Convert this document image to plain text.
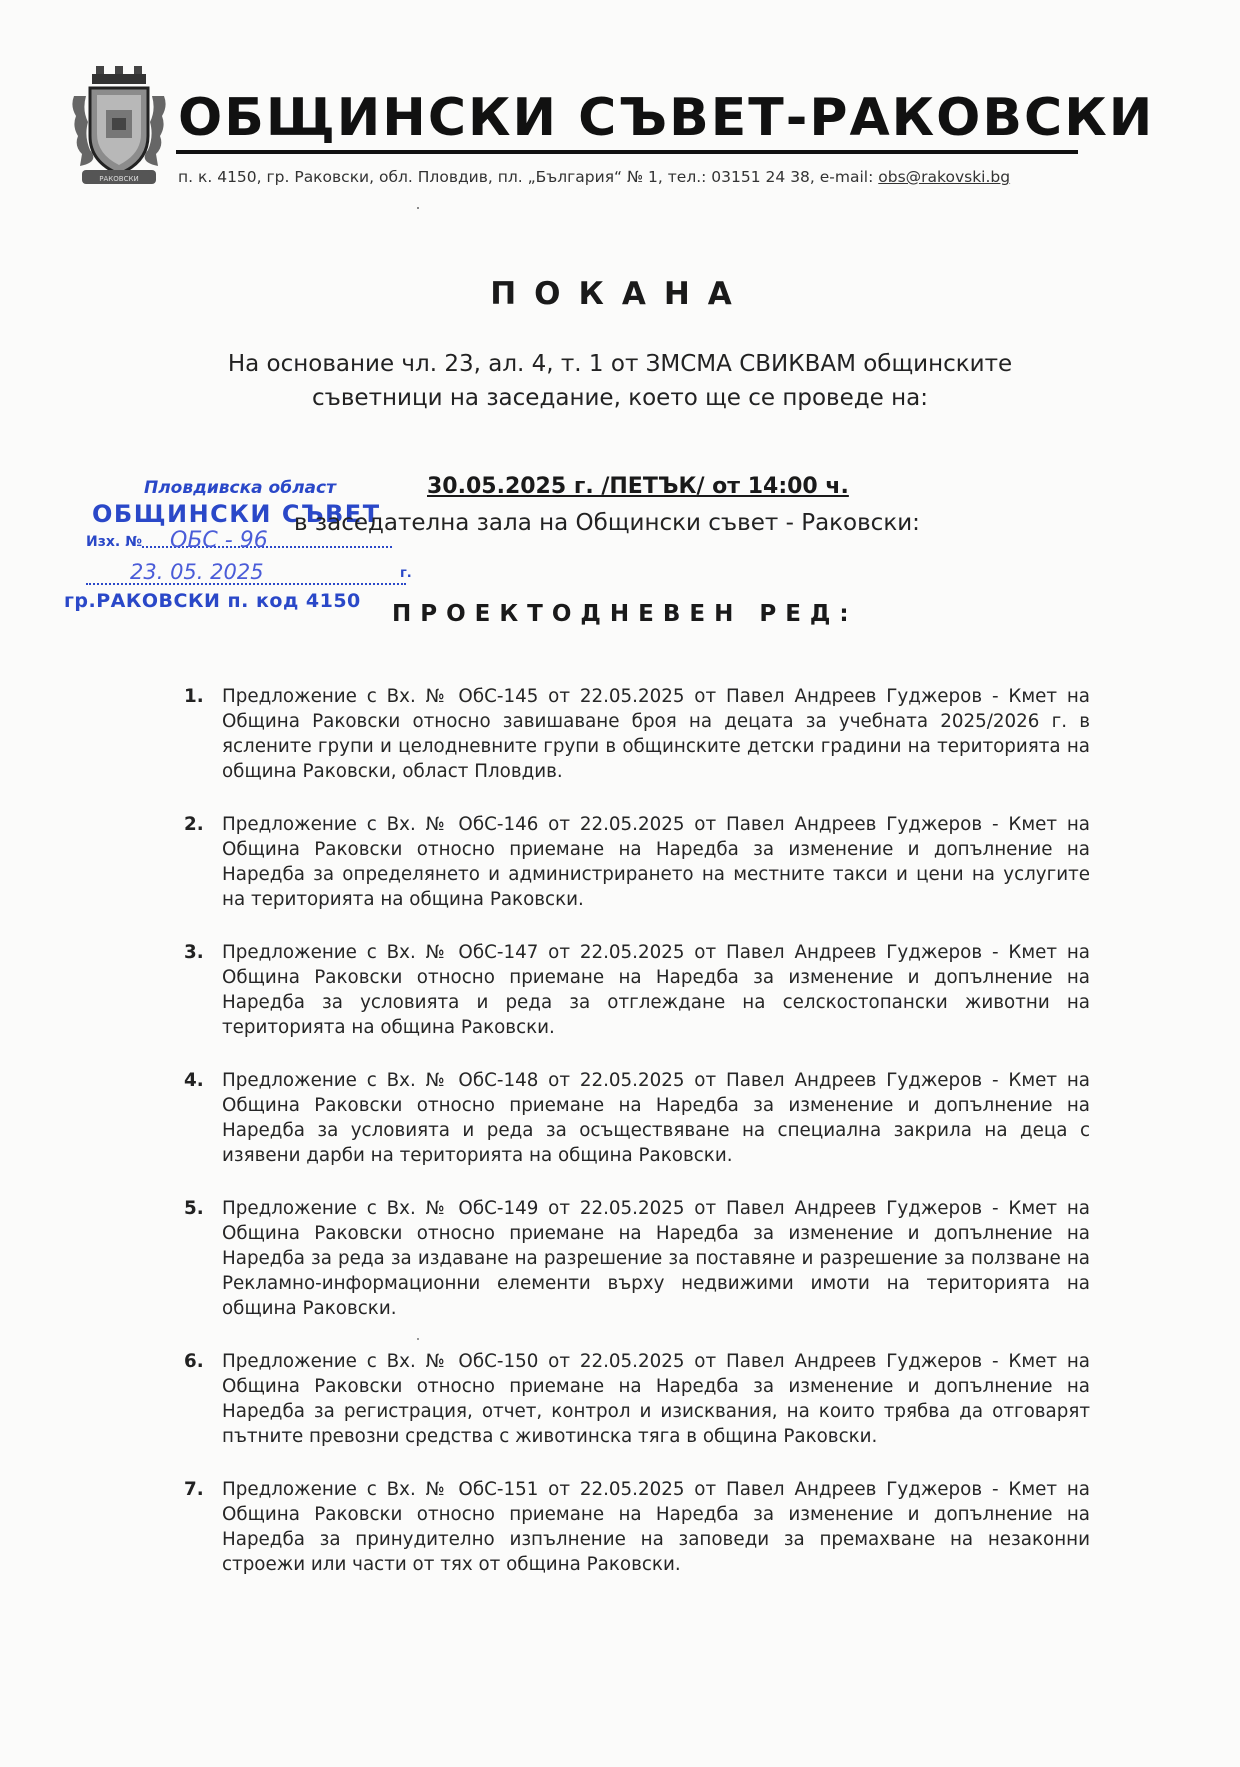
РАКОВСКИ
ОБЩИНСКИ СЪВЕТ-РАКОВСКИ
п. к. 4150, гр. Раковски, обл. Пловдив, пл. „България“ № 1, тел.: 03151 24 38, e-mail: obs@rakovski.bg
ПОКАНА
На основание чл. 23, ал. 4, т. 1 от ЗМСМА СВИКВАМ общинските съветници на заседание, което ще се проведе на:
Пловдивска област
ОБЩИНСКИ СЪВЕТ
Изх. №	ОБС - 96
г.
23. 05. 2025
гр.РАКОВСКИ п. код 4150
30.05.2025 г. /ПЕТЪК/ от 14:00 ч.
в заседателна зала на Общински съвет - Раковски:
ПРОЕКТОДНЕВЕН РЕД:
1. Предложение с Вх. № ОбС-145 от 22.05.2025 от Павел Андреев Гуджеров - Кмет на Община Раковски относно завишаване броя на децата за учебната 2025/2026 г. в яслените групи и целодневните групи в общинските детски градини на територията на община Раковски, област Пловдив.
2. Предложение с Вх. № ОбС-146 от 22.05.2025 от Павел Андреев Гуджеров - Кмет на Община Раковски относно приемане на Наредба за изменение и допълнение на Наредба за определянето и администрирането на местните такси и цени на услугите на територията на община Раковски.
3. Предложение с Вх. № ОбС-147 от 22.05.2025 от Павел Андреев Гуджеров - Кмет на Община Раковски относно приемане на Наредба за изменение и допълнение на Наредба за условията и реда за отглеждане на селскостопански животни на територията на община Раковски.
4. Предложение с Вх. № ОбС-148 от 22.05.2025 от Павел Андреев Гуджеров - Кмет на Община Раковски относно приемане на Наредба за изменение и допълнение на Наредба за условията и реда за осъществяване на специална закрила на деца с изявени дарби на територията на община Раковски.
5. Предложение с Вх. № ОбС-149 от 22.05.2025 от Павел Андреев Гуджеров - Кмет на Община Раковски относно приемане на Наредба за изменение и допълнение на Наредба за реда за издаване на разрешение за поставяне и разрешение за ползване на Рекламно-информационни елементи върху недвижими имоти на територията на община Раковски.
6. Предложение с Вх. № ОбС-150 от 22.05.2025 от Павел Андреев Гуджеров - Кмет на Община Раковски относно приемане на Наредба за изменение и допълнение на Наредба за регистрация, отчет, контрол и изисквания, на които трябва да отговарят пътните превозни средства с животинска тяга в община Раковски.
7. Предложение с Вх. № ОбС-151 от 22.05.2025 от Павел Андреев Гуджеров - Кмет на Община Раковски относно приемане на Наредба за изменение и допълнение на Наредба за принудително изпълнение на заповеди за премахване на незаконни строежи или части от тях от община Раковски.
